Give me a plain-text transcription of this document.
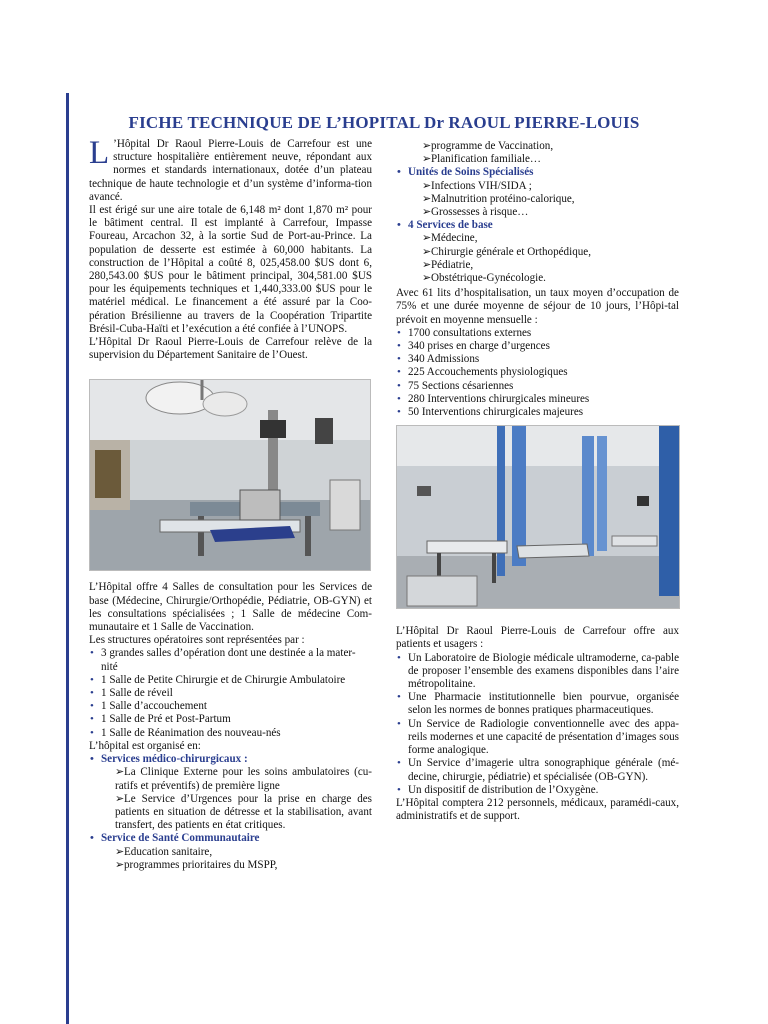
FICHE TECHNIQUE DE L’HOPITAL Dr RAOUL PIERRE-LOUIS

L ’Hôpital Dr Raoul Pierre-Louis de Carrefour est une structure hospitalière entièrement neuve, répondant aux normes et standards internationaux, dotée d’un plateau technique de haute technologie et d’un système d’informa-tion avancé.

Il est érigé sur une aire totale de 6,148 m² dont 1,870 m² pour le bâtiment central. Il est implanté à Carrefour, Impasse Foureau, Arcachon 32, à la sortie Sud de Port-au-Prince. La population de desserte est estimée à 60,000 habitants. La construction de l’Hôpital a coûté 8, 025,458.00 $US dont 6, 280,543.00 $US pour le bâtiment principal, 304,581.00 $US pour les équipements techniques et 1,440,333.00 $US pour le matériel médical. Le financement a été assuré par la Coo-pération Brésilienne au travers de la Coopération Tripartite Brésil-Cuba-Haïti et l’exécution a été confiée à l’UNOPS.

L’Hôpital Dr Raoul Pierre-Louis de Carrefour relève de la supervision du Département Sanitaire de l’Ouest.

L’Hôpital offre 4 Salles de consultation pour les Services de base (Médecine, Chirurgie/Orthopédie, Pédiatrie, OB-GYN) et les consultations spécialisées ; 1 Salle de médecine Com-munautaire et 1 Salle de Vaccination.

Les structures opératoires sont représentées par :

• 3 grandes salles d’opération dont une destinée a la mater-nité
• 1 Salle de Petite Chirurgie et de Chirurgie Ambulatoire
• 1 Salle de réveil
• 1 Salle d’accouchement
• 1 Salle de Pré et Post-Partum
• 1 Salle de Réanimation des nouveau-nés

L’hôpital est organisé en:

• Services médico-chirurgicaux :
➢La Clinique Externe pour les soins ambulatoires (cu-ratifs et préventifs) de première ligne
➢Le Service d’Urgences pour la prise en charge des patients en situation de détresse et la stabilisation, avant transfert, des patients en état critiques.
• Service de Santé Communautaire
➢Education sanitaire,
➢programmes prioritaires du MSPP,
➢programme de Vaccination,
➢Planification familiale…
• Unités de Soins Spécialisés
➢Infections VIH/SIDA ;
➢Malnutrition protéino-calorique,
➢Grossesses à risque…
• 4 Services de base
➢Médecine,
➢Chirurgie générale et Orthopédique,
➢Pédiatrie,
➢Obstétrique-Gynécologie.

Avec 61 lits d’hospitalisation, un taux moyen d’occupation de 75% et une durée moyenne de séjour de 10 jours, l’Hôpi-tal prévoit en moyenne mensuelle :

• 1700 consultations externes
• 340 prises en charge d’urgences
• 340 Admissions
• 225 Accouchements physiologiques
• 75 Sections césariennes
• 280 Interventions chirurgicales mineures
• 50 Interventions chirurgicales majeures

L’Hôpital Dr Raoul Pierre-Louis de Carrefour offre aux patients et usagers :

• Un Laboratoire de Biologie médicale ultramoderne, ca-pable de proposer l’ensemble des examens disponibles dans l’aire métropolitaine.
• Une Pharmacie institutionnelle bien pourvue, organisée selon les normes de bonnes pratiques pharmaceutiques.
• Un Service de Radiologie conventionnelle avec des appa-reils modernes et une capacité de présentation d’images sous forme analogique.
• Un Service d’imagerie ultra sonographique générale (mé-decine, chirurgie, pédiatrie) et spécialisée (OB-GYN).
• Un dispositif de distribution de l’Oxygène.

L’Hôpital comptera 212 personnels, médicaux, paramédi-caux, administratifs et de support.
